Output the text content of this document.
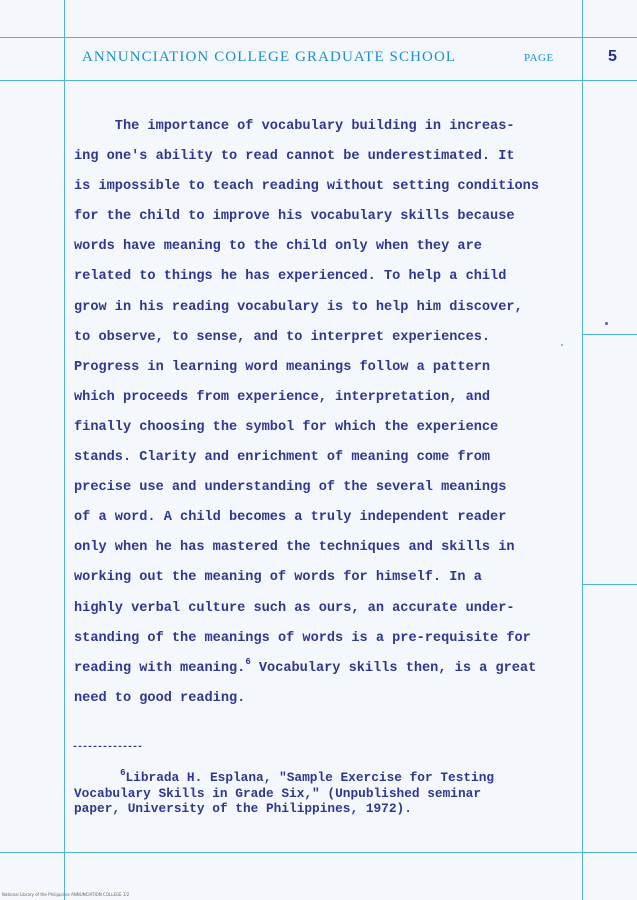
ANNUNCIATION COLLEGE GRADUATE SCHOOL	PAGE	5
The importance of vocabulary building in increas-
ing one's ability to read cannot be underestimated. It
is impossible to teach reading without setting conditions
for the child to improve his vocabulary skills because
words have meaning to the child only when they are
related to things he has experienced. To help a child
grow in his reading vocabulary is to help him discover,
to observe, to sense, and to interpret experiences.
Progress in learning word meanings follow a pattern
which proceeds from experience, interpretation, and
finally choosing the symbol for which the experience
stands. Clarity and enrichment of meaning come from
precise use and understanding of the several meanings
of a word. A child becomes a truly independent reader
only when he has mastered the techniques and skills in
working out the meaning of words for himself. In a
highly verbal culture such as ours, an accurate under-
standing of the meanings of words is a pre-requisite for
reading with meaning.$^6$ Vocabulary skills then, is a great
need to good reading.
--------------
$^6$Librada H. Esplana, "Sample Exercise for Testing
Vocabulary Skills in Grade Six," (Unpublished seminar
paper, University of the Philippines, 1972).
National Library of the Philippines ANNUNCIATION COLLEGE 1/2
